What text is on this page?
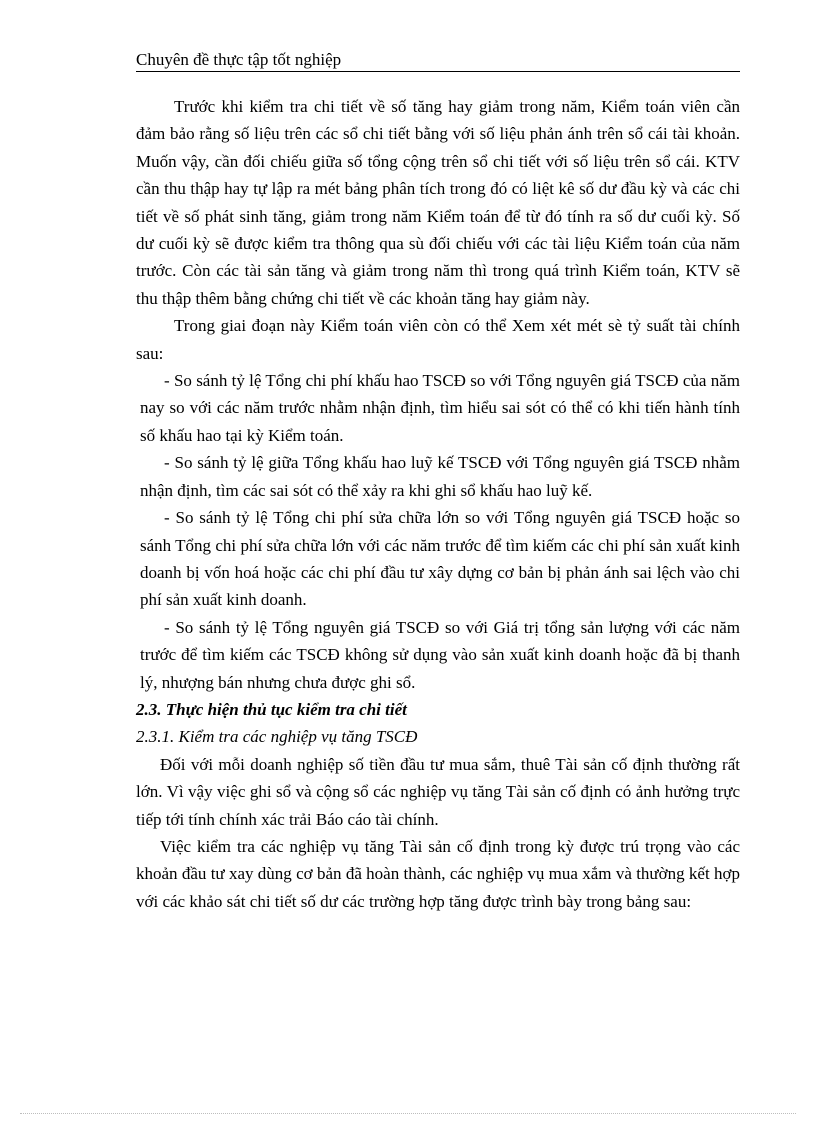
Chuyên đề thực tập tốt nghiệp

Trước khi kiểm tra chi tiết về số tăng hay giảm trong năm, Kiểm toán viên cần đảm bảo rằng số liệu trên các sổ chi tiết bằng với số liệu phản ánh trên sổ cái tài khoản. Muốn vậy, cần đối chiếu giữa số tổng cộng trên sổ chi tiết với số liệu trên sổ cái. KTV cần thu thập hay tự lập ra mét bảng phân tích trong đó có liệt kê số dư đầu kỳ và các chi tiết về số phát sinh tăng, giảm trong năm Kiểm toán để từ đó tính ra số dư cuối kỳ. Số dư cuối kỳ sẽ được kiểm tra thông qua sù đối chiếu với các tài liệu Kiểm toán của năm trước. Còn các tài sản tăng và giảm trong năm thì trong quá trình Kiểm toán, KTV sẽ thu thập thêm bằng chứng chi tiết về các khoản tăng hay giảm này.

Trong giai đoạn này Kiểm toán viên còn có thể Xem xét mét sè tỷ suất tài chính sau:

- So sánh tỷ lệ Tổng chi phí khấu hao TSCĐ so với Tổng nguyên giá TSCĐ của năm nay so với các năm trước nhằm nhận định, tìm hiểu sai sót có thể có khi tiến hành tính số khấu hao tại kỳ Kiểm toán.

- So sánh tỷ lệ giữa Tổng khấu hao luỹ kế TSCĐ với Tổng nguyên giá TSCĐ nhằm nhận định, tìm các sai sót có thể xảy ra khi ghi sổ khấu hao luỹ kế.

- So sánh tỷ lệ Tổng chi phí sửa chữa lớn so với Tổng nguyên giá TSCĐ hoặc so sánh Tổng chi phí sửa chữa lớn với các năm trước để tìm kiếm các chi phí sản xuất kinh doanh bị vốn hoá hoặc các chi phí đầu tư xây dựng cơ bản bị phản ánh sai lệch vào chi phí sản xuất kinh doanh.

- So sánh tỷ lệ Tổng nguyên giá TSCĐ so với Giá trị tổng sản lượng với các năm trước để tìm kiếm các TSCĐ không sử dụng vào sản xuất kinh doanh hoặc đã bị thanh lý, nhượng bán nhưng chưa được ghi sổ.

2.3. Thực hiện thủ tục kiểm tra chi tiết

2.3.1. Kiểm tra các nghiệp vụ tăng TSCĐ

Đối với mỗi doanh nghiệp số tiền đầu tư mua sắm, thuê Tài sản cố định thường rất lớn. Vì vậy việc ghi sổ và cộng sổ các nghiệp vụ tăng Tài sản cố định có ảnh hưởng trực tiếp tới tính chính xác trải Báo cáo tài chính.

Việc kiểm tra các nghiệp vụ tăng Tài sản cố định trong kỳ được trú trọng vào các khoản đầu tư xay dùng cơ bản đã hoàn thành, các nghiệp vụ mua xắm và thường kết hợp với các khảo sát chi tiết số dư các trường hợp tăng được trình bày trong bảng sau:
